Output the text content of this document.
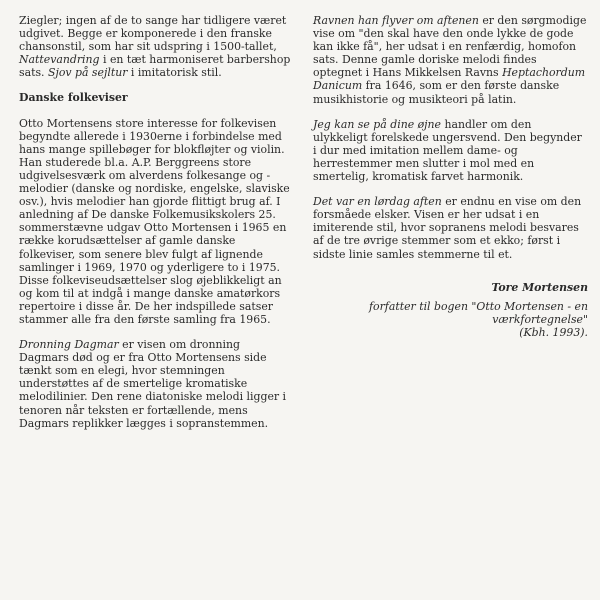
Ziegler; ingen af de to sange har tidligere været udgivet. Begge er komponerede i den franske chansonstil, som har sit udspring i 1500-tallet, Nattevandring i en tæt harmoniseret barbershop sats. Sjov på sejltur i imitatorisk stil.

Danske folkeviser

Otto Mortensens store interesse for folkevisen begyndte allerede i 1930erne i forbindelse med hans mange spillebøger for blokfløjter og violin. Han studerede bl.a. A.P. Berggreens store udgivelsesværk om alverdens folkesange og -melodier (danske og nordiske, engelske, slaviske osv.), hvis melodier han gjorde flittigt brug af. I anledning af De danske Folkemusikskolers 25. sommerstævne udgav Otto Mortensen i 1965 en række korudsættelser af gamle danske folkeviser, som senere blev fulgt af lignende samlinger i 1969, 1970 og yderligere to i 1975. Disse folkeviseudsættelser slog øjeblikkeligt an og kom til at indgå i mange danske amatørkors repertoire i disse år. De her indspillede satser stammer alle fra den første samling fra 1965.

Dronning Dagmar er visen om dronning Dagmars død og er fra Otto Mortensens side tænkt som en elegi, hvor stemningen understøttes af de smertelige kromatiske melodilinier. Den rene diatoniske melodi ligger i tenoren når teksten er fortællende, mens Dagmars replikker lægges i sopranstemmen.

Ravnen han flyver om aftenen er den sørgmodige vise om "den skal have den onde lykke de gode kan ikke få", her udsat i en renfærdig, homofon sats. Denne gamle doriske melodi findes optegnet i Hans Mikkelsen Ravns Heptachordum Danicum fra 1646, som er den første danske musikhistorie og musikteori på latin.

Jeg kan se på dine øjne handler om den ulykkeligt forelskede ungersvend. Den begynder i dur med imitation mellem dame- og herrestemmer men slutter i mol med en smertelig, kromatisk farvet harmonik.

Det var en lørdag aften er endnu en vise om den forsmåede elsker. Visen er her udsat i en imiterende stil, hvor sopranens melodi besvares af de tre øvrige stemmer som et ekko; først i sidste linie samles stemmerne til et.

Tore Mortensen

forfatter til bogen "Otto Mortensen - en værkfortegnelse"

(Kbh. 1993).
